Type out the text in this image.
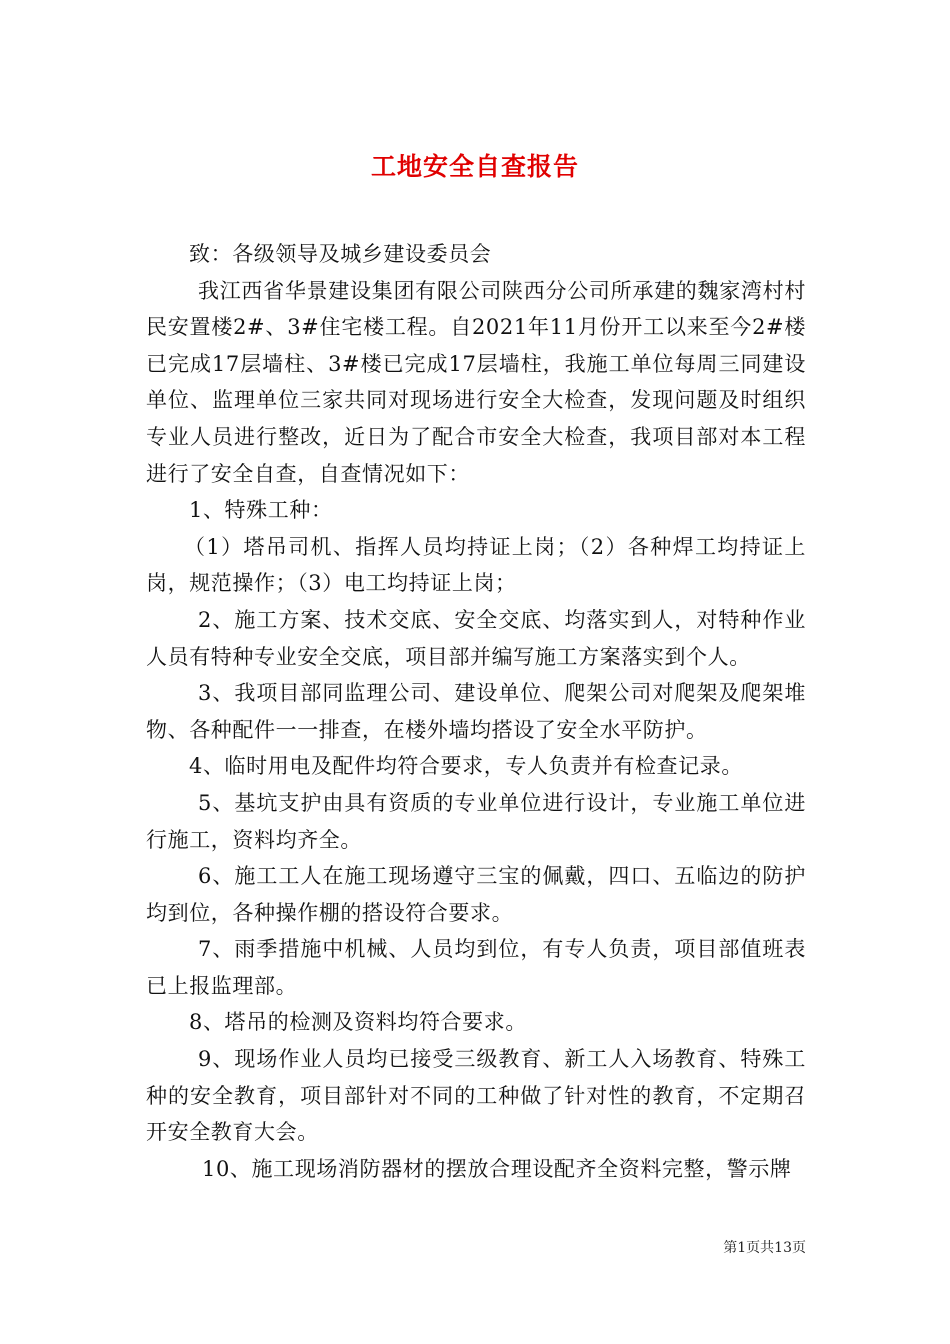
工地安全自查报告

致：各级领导及城乡建设委员会

我江西省华景建设集团有限公司陕西分公司所承建的魏家湾村村民安置楼2#、3#住宅楼工程。自2021年11月份开工以来至今2#楼已完成17层墙柱、3#楼已完成17层墙柱，我施工单位每周三同建设单位、监理单位三家共同对现场进行安全大检查，发现问题及时组织专业人员进行整改，近日为了配合市安全大检查，我项目部对本工程进行了安全自查，自查情况如下：

1、特殊工种：

（1）塔吊司机、指挥人员均持证上岗；（2）各种焊工均持证上岗，规范操作；（3）电工均持证上岗；

2、施工方案、技术交底、安全交底、均落实到人，对特种作业人员有特种专业安全交底，项目部并编写施工方案落实到个人。

3、我项目部同监理公司、建设单位、爬架公司对爬架及爬架堆物、各种配件一一排查，在楼外墙均搭设了安全水平防护。

4、临时用电及配件均符合要求，专人负责并有检查记录。

5、基坑支护由具有资质的专业单位进行设计，专业施工单位进行施工，资料均齐全。

6、施工工人在施工现场遵守三宝的佩戴，四口、五临边的防护均到位，各种操作棚的搭设符合要求。

7、雨季措施中机械、人员均到位，有专人负责，项目部值班表已上报监理部。

8、塔吊的检测及资料均符合要求。

9、现场作业人员均已接受三级教育、新工人入场教育、特殊工种的安全教育，项目部针对不同的工种做了针对性的教育，不定期召开安全教育大会。

10、施工现场消防器材的摆放合理设配齐全资料完整，警示牌

第1页共13页
